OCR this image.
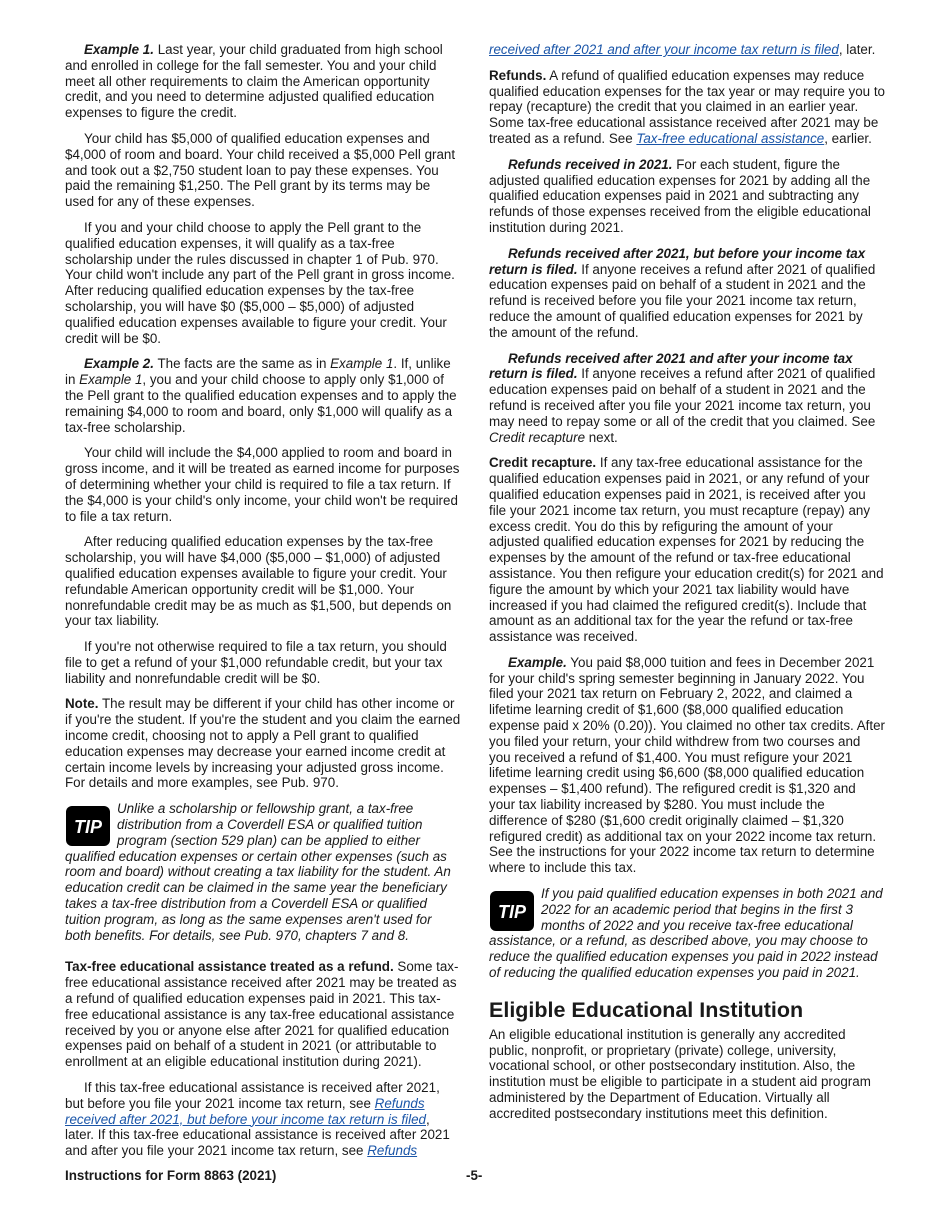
Example 1. Last year, your child graduated from high school and enrolled in college for the fall semester. You and your child meet all other requirements to claim the American opportunity credit, and you need to determine adjusted qualified education expenses to figure the credit.

Your child has $5,000 of qualified education expenses and $4,000 of room and board. Your child received a $5,000 Pell grant and took out a $2,750 student loan to pay these expenses. You paid the remaining $1,250. The Pell grant by its terms may be used for any of these expenses.

If you and your child choose to apply the Pell grant to the qualified education expenses, it will qualify as a tax-free scholarship under the rules discussed in chapter 1 of Pub. 970. Your child won't include any part of the Pell grant in gross income. After reducing qualified education expenses by the tax-free scholarship, you will have $0 ($5,000 – $5,000) of adjusted qualified education expenses available to figure your credit. Your credit will be $0.

Example 2. The facts are the same as in Example 1. If, unlike in Example 1, you and your child choose to apply only $1,000 of the Pell grant to the qualified education expenses and to apply the remaining $4,000 to room and board, only $1,000 will qualify as a tax-free scholarship.

Your child will include the $4,000 applied to room and board in gross income, and it will be treated as earned income for purposes of determining whether your child is required to file a tax return. If the $4,000 is your child's only income, your child won't be required to file a tax return.

After reducing qualified education expenses by the tax-free scholarship, you will have $4,000 ($5,000 – $1,000) of adjusted qualified education expenses available to figure your credit. Your refundable American opportunity credit will be $1,000. Your nonrefundable credit may be as much as $1,500, but depends on your tax liability.

If you're not otherwise required to file a tax return, you should file to get a refund of your $1,000 refundable credit, but your tax liability and nonrefundable credit will be $0.

Note. The result may be different if your child has other income or if you're the student. If you're the student and you claim the earned income credit, choosing not to apply a Pell grant to qualified education expenses may decrease your earned income credit at certain income levels by increasing your adjusted gross income. For details and more examples, see Pub. 970.

TIP
Unlike a scholarship or fellowship grant, a tax-free distribution from a Coverdell ESA or qualified tuition program (section 529 plan) can be applied to either qualified education expenses or certain other expenses (such as room and board) without creating a tax liability for the student. An education credit can be claimed in the same year the beneficiary takes a tax-free distribution from a Coverdell ESA or qualified tuition program, as long as the same expenses aren't used for both benefits. For details, see Pub. 970, chapters 7 and 8.

Tax-free educational assistance treated as a refund. Some tax-free educational assistance received after 2021 may be treated as a refund of qualified education expenses paid in 2021. This tax-free educational assistance is any tax-free educational assistance received by you or anyone else after 2021 for qualified education expenses paid on behalf of a student in 2021 (or attributable to enrollment at an eligible educational institution during 2021).

If this tax-free educational assistance is received after 2021, but before you file your 2021 income tax return, see Refunds received after 2021, but before your income tax return is filed, later. If this tax-free educational assistance is received after 2021 and after you file your 2021 income tax return, see Refunds

received after 2021 and after your income tax return is filed, later.

Refunds. A refund of qualified education expenses may reduce qualified education expenses for the tax year or may require you to repay (recapture) the credit that you claimed in an earlier year. Some tax-free educational assistance received after 2021 may be treated as a refund. See Tax-free educational assistance, earlier.

Refunds received in 2021. For each student, figure the adjusted qualified education expenses for 2021 by adding all the qualified education expenses paid in 2021 and subtracting any refunds of those expenses received from the eligible educational institution during 2021.

Refunds received after 2021, but before your income tax return is filed. If anyone receives a refund after 2021 of qualified education expenses paid on behalf of a student in 2021 and the refund is received before you file your 2021 income tax return, reduce the amount of qualified education expenses for 2021 by the amount of the refund.

Refunds received after 2021 and after your income tax return is filed. If anyone receives a refund after 2021 of qualified education expenses paid on behalf of a student in 2021 and the refund is received after you file your 2021 income tax return, you may need to repay some or all of the credit that you claimed. See Credit recapture next.

Credit recapture. If any tax-free educational assistance for the qualified education expenses paid in 2021, or any refund of your qualified education expenses paid in 2021, is received after you file your 2021 income tax return, you must recapture (repay) any excess credit. You do this by refiguring the amount of your adjusted qualified education expenses for 2021 by reducing the expenses by the amount of the refund or tax-free educational assistance. You then refigure your education credit(s) for 2021 and figure the amount by which your 2021 tax liability would have increased if you had claimed the refigured credit(s). Include that amount as an additional tax for the year the refund or tax-free assistance was received.

Example. You paid $8,000 tuition and fees in December 2021 for your child's spring semester beginning in January 2022. You filed your 2021 tax return on February 2, 2022, and claimed a lifetime learning credit of $1,600 ($8,000 qualified education expense paid x 20% (0.20)). You claimed no other tax credits. After you filed your return, your child withdrew from two courses and you received a refund of $1,400. You must refigure your 2021 lifetime learning credit using $6,600 ($8,000 qualified education expenses – $1,400 refund). The refigured credit is $1,320 and your tax liability increased by $280. You must include the difference of $280 ($1,600 credit originally claimed – $1,320 refigured credit) as additional tax on your 2022 income tax return. See the instructions for your 2022 income tax return to determine where to include this tax.

TIP
If you paid qualified education expenses in both 2021 and 2022 for an academic period that begins in the first 3 months of 2022 and you receive tax-free educational assistance, or a refund, as described above, you may choose to reduce the qualified education expenses you paid in 2022 instead of reducing the qualified education expenses you paid in 2021.
Eligible Educational Institution

An eligible educational institution is generally any accredited public, nonprofit, or proprietary (private) college, university, vocational school, or other postsecondary institution. Also, the institution must be eligible to participate in a student aid program administered by the Department of Education. Virtually all accredited postsecondary institutions meet this definition.

Instructions for Form 8863 (2021)	-5-
